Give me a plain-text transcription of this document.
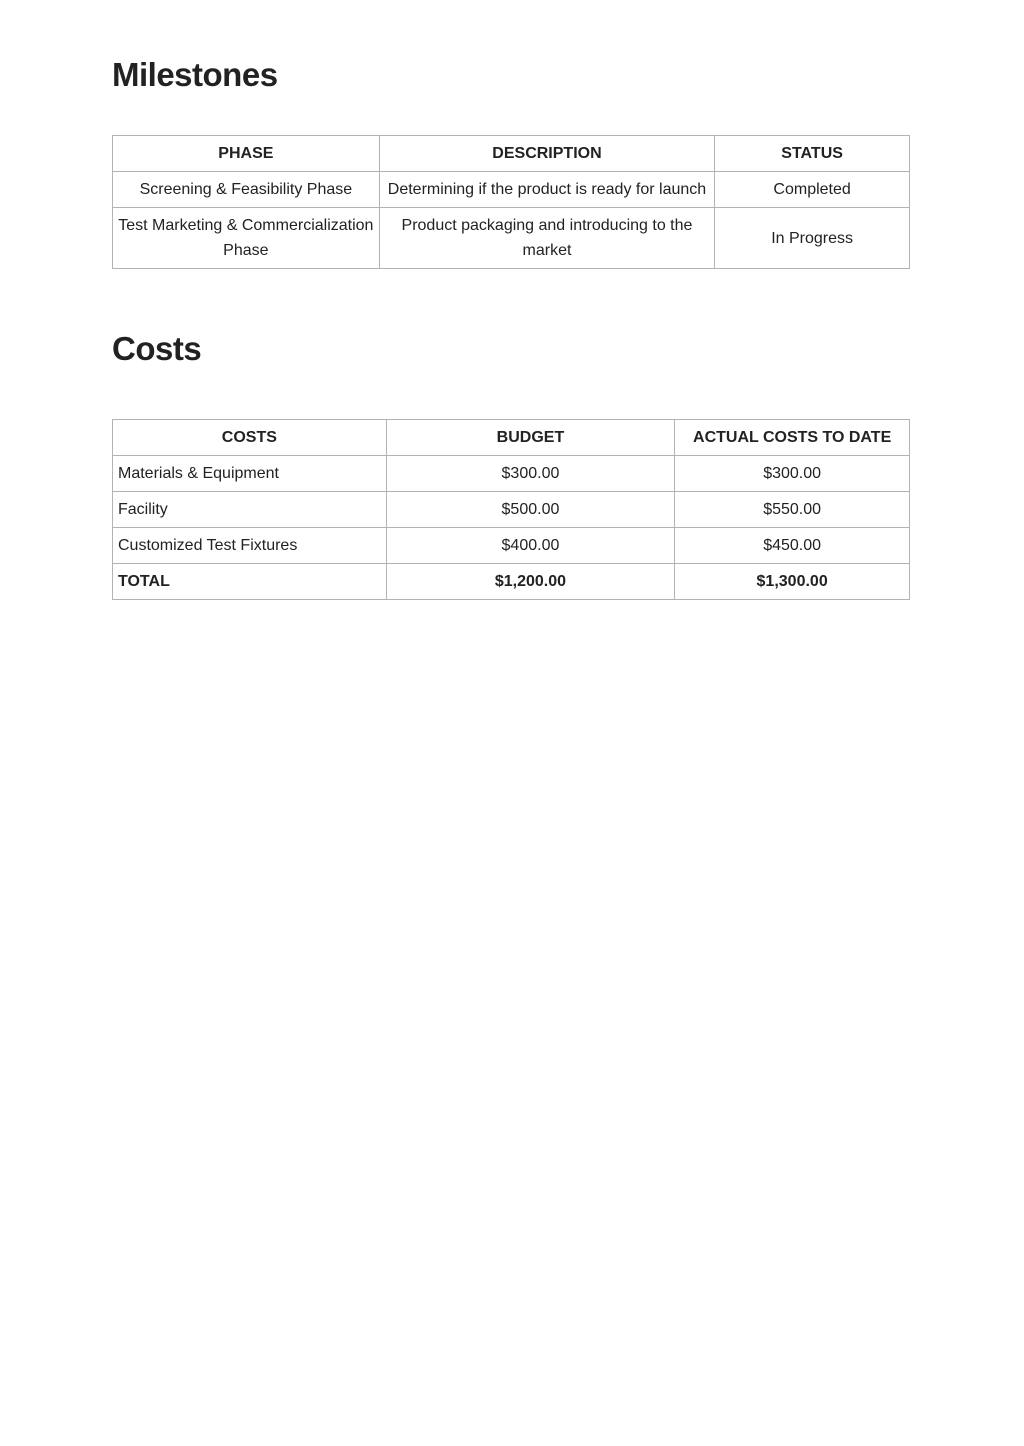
Milestones
PHASE	DESCRIPTION	STATUS
Screening & Feasibility Phase	Determining if the product is ready for launch	Completed
Test Marketing & Commercialization Phase	Product packaging and introducing to the market	In Progress
Costs
COSTS	BUDGET	ACTUAL COSTS TO DATE
Materials & Equipment	$300.00	$300.00
Facility	$500.00	$550.00
Customized Test Fixtures	$400.00	$450.00
TOTAL	$1,200.00	$1,300.00
